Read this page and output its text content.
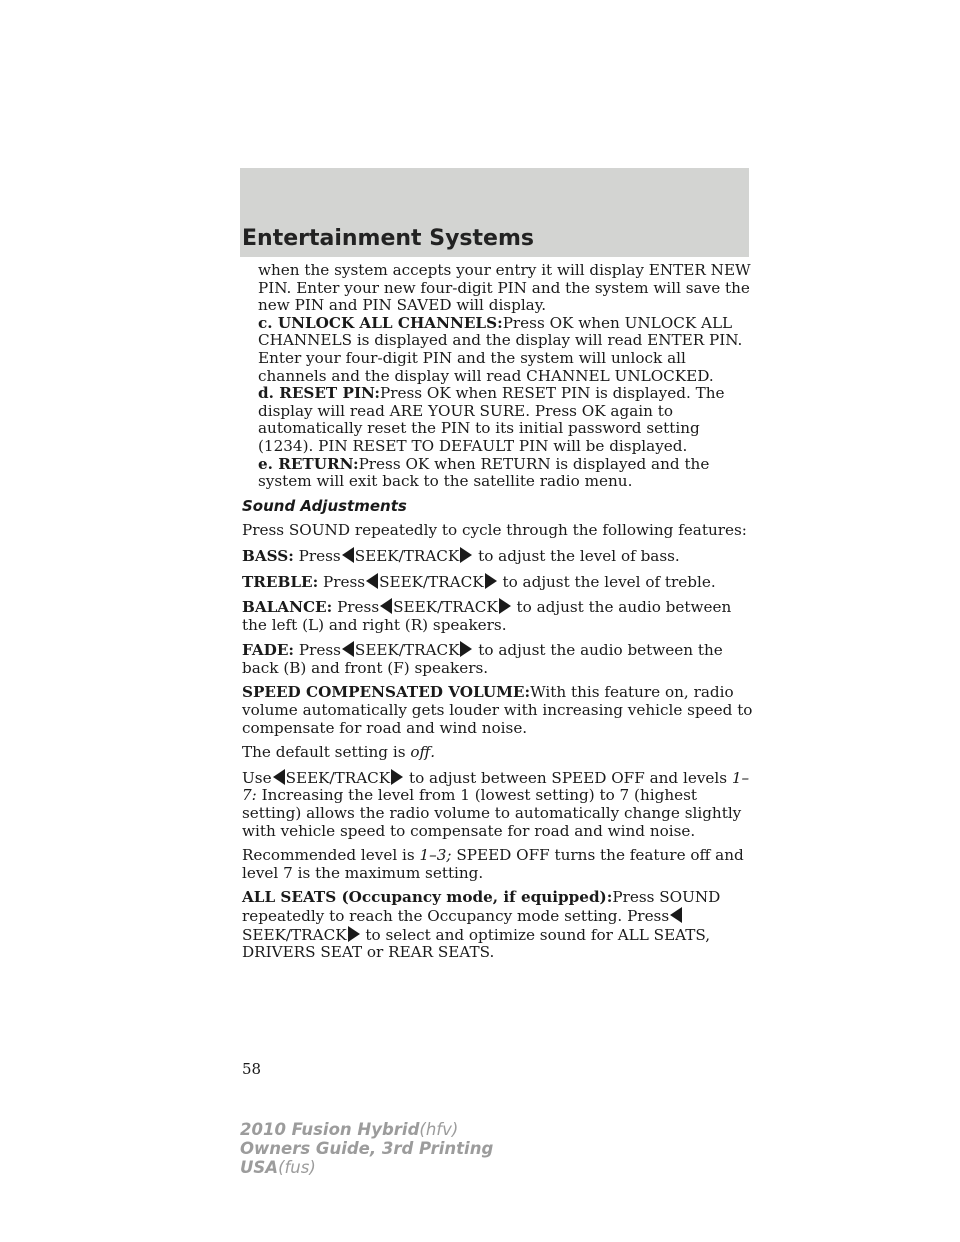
Entertainment Systems

when the system accepts your entry it will display ENTER NEW PIN. Enter your new four-digit PIN and the system will save the new PIN and PIN SAVED will display.
c. UNLOCK ALL CHANNELS:Press OK when UNLOCK ALL CHANNELS is displayed and the display will read ENTER PIN. Enter your four-digit PIN and the system will unlock all channels and the display will read CHANNEL UNLOCKED.
d. RESET PIN:Press OK when RESET PIN is displayed. The display will read ARE YOUR SURE. Press OK again to automatically reset the PIN to its initial password setting (1234). PIN RESET TO DEFAULT PIN will be displayed.
e. RETURN:Press OK when RETURN is displayed and the system will exit back to the satellite radio menu.

Sound Adjustments

Press SOUND repeatedly to cycle through the following features:

BASS: Press SEEK/TRACK to adjust the level of bass.

TREBLE: Press SEEK/TRACK to adjust the level of treble.

BALANCE: Press SEEK/TRACK to adjust the audio between the left (L) and right (R) speakers.

FADE: Press SEEK/TRACK to adjust the audio between the back (B) and front (F) speakers.

SPEED COMPENSATED VOLUME:With this feature on, radio volume automatically gets louder with increasing vehicle speed to compensate for road and wind noise.

The default setting is off.

Use SEEK/TRACK to adjust between SPEED OFF and levels 1–7: Increasing the level from 1 (lowest setting) to 7 (highest setting) allows the radio volume to automatically change slightly with vehicle speed to compensate for road and wind noise.

Recommended level is 1–3; SPEED OFF turns the feature off and level 7 is the maximum setting.

ALL SEATS (Occupancy mode, if equipped):Press SOUND repeatedly to reach the Occupancy mode setting. PressSEEK/TRACK to select and optimize sound for ALL SEATS, DRIVERS SEAT or REAR SEATS.

58
2010 Fusion Hybrid(hfv)
Owners Guide, 3rd Printing
USA(fus)
